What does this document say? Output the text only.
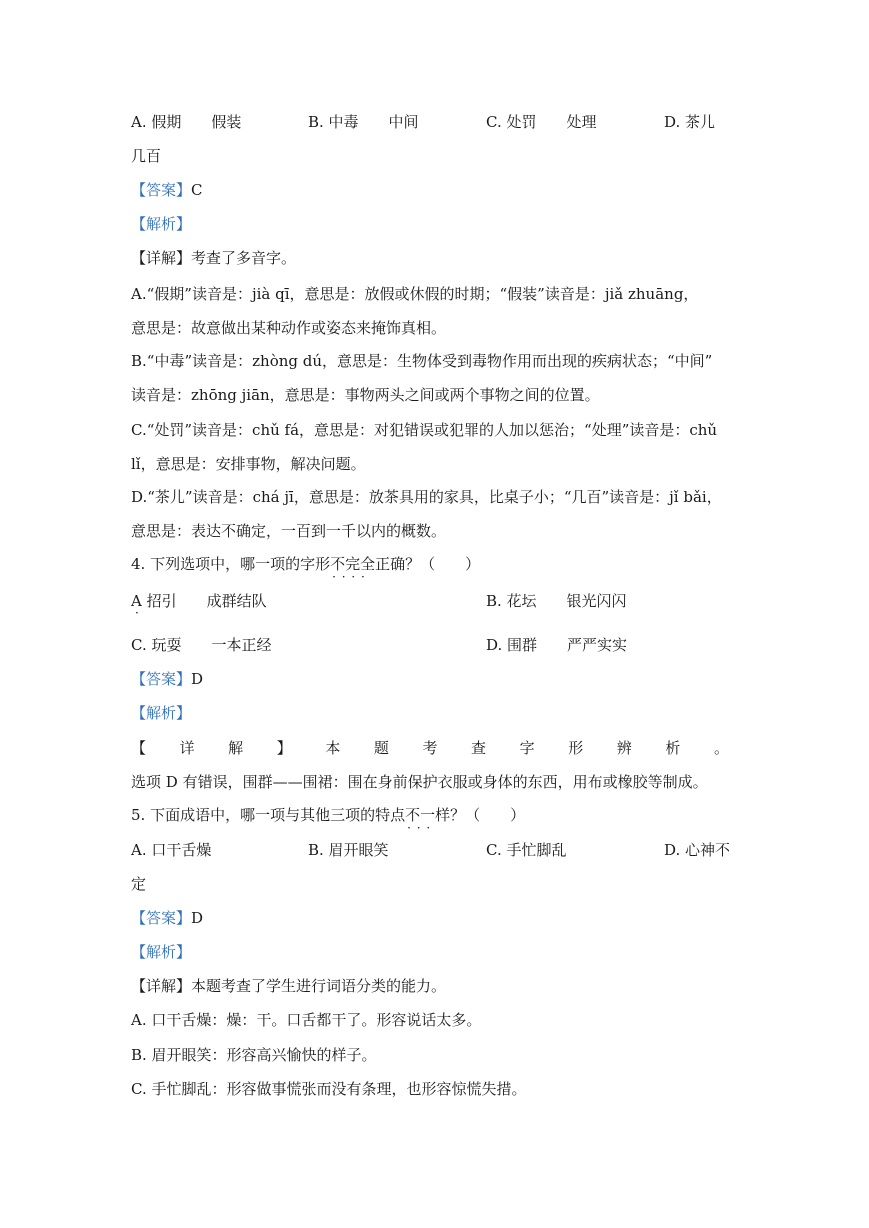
A. 假期　　假装	B. 中毒　　中间	C. 处罚　　处理	D. 茶儿
几百
【答案】C
【解析】
【详解】考查了多音字。
A.“假期”读音是：jià qī，意思是：放假或休假的时期；“假装”读音是：jiǎ zhuāng，
意思是：故意做出某种动作或姿态来掩饰真相。
B.“中毒”读音是：zhòng dú，意思是：生物体受到毒物作用而出现的疾病状态；“中间”
读音是：zhōng jiān，意思是：事物两头之间或两个事物之间的位置。
C.“处罚”读音是：chǔ fá，意思是：对犯错误或犯罪的人加以惩治；“处理”读音是：chǔ
lǐ，意思是：安排事物，解决问题。
D.“茶儿”读音是：chá jī，意思是：放茶具用的家具，比桌子小；“几百”读音是：jǐ bǎi，
意思是：表达不确定，一百到一千以内的概数。
4. 下列选项中，哪一项的字形不完全正确 · · · ·？（　　）
A · 招引　　成群结队	B. 花坛　　银光闪闪
C. 玩耍　　一本正经	D. 围群　　严严实实
【答案】D
【解析】
【 详 解 】 本 题 考 查 字 形 辨 析 。
选项 D 有错误，围群——围裙：围在身前保护衣服或身体的东西，用布或橡胶等制成。
5. 下面成语中，哪一项与其他三项的特点不一样 · · ·？（　　）
A. 口干舌燥	B. 眉开眼笑	C. 手忙脚乱	D. 心神不
定
【答案】D
【解析】
【详解】本题考查了学生进行词语分类的能力。
A. 口干舌燥：燥：干。口舌都干了。形容说话太多。
B. 眉开眼笑：形容高兴愉快的样子。
C. 手忙脚乱：形容做事慌张而没有条理，也形容惊慌失措。
